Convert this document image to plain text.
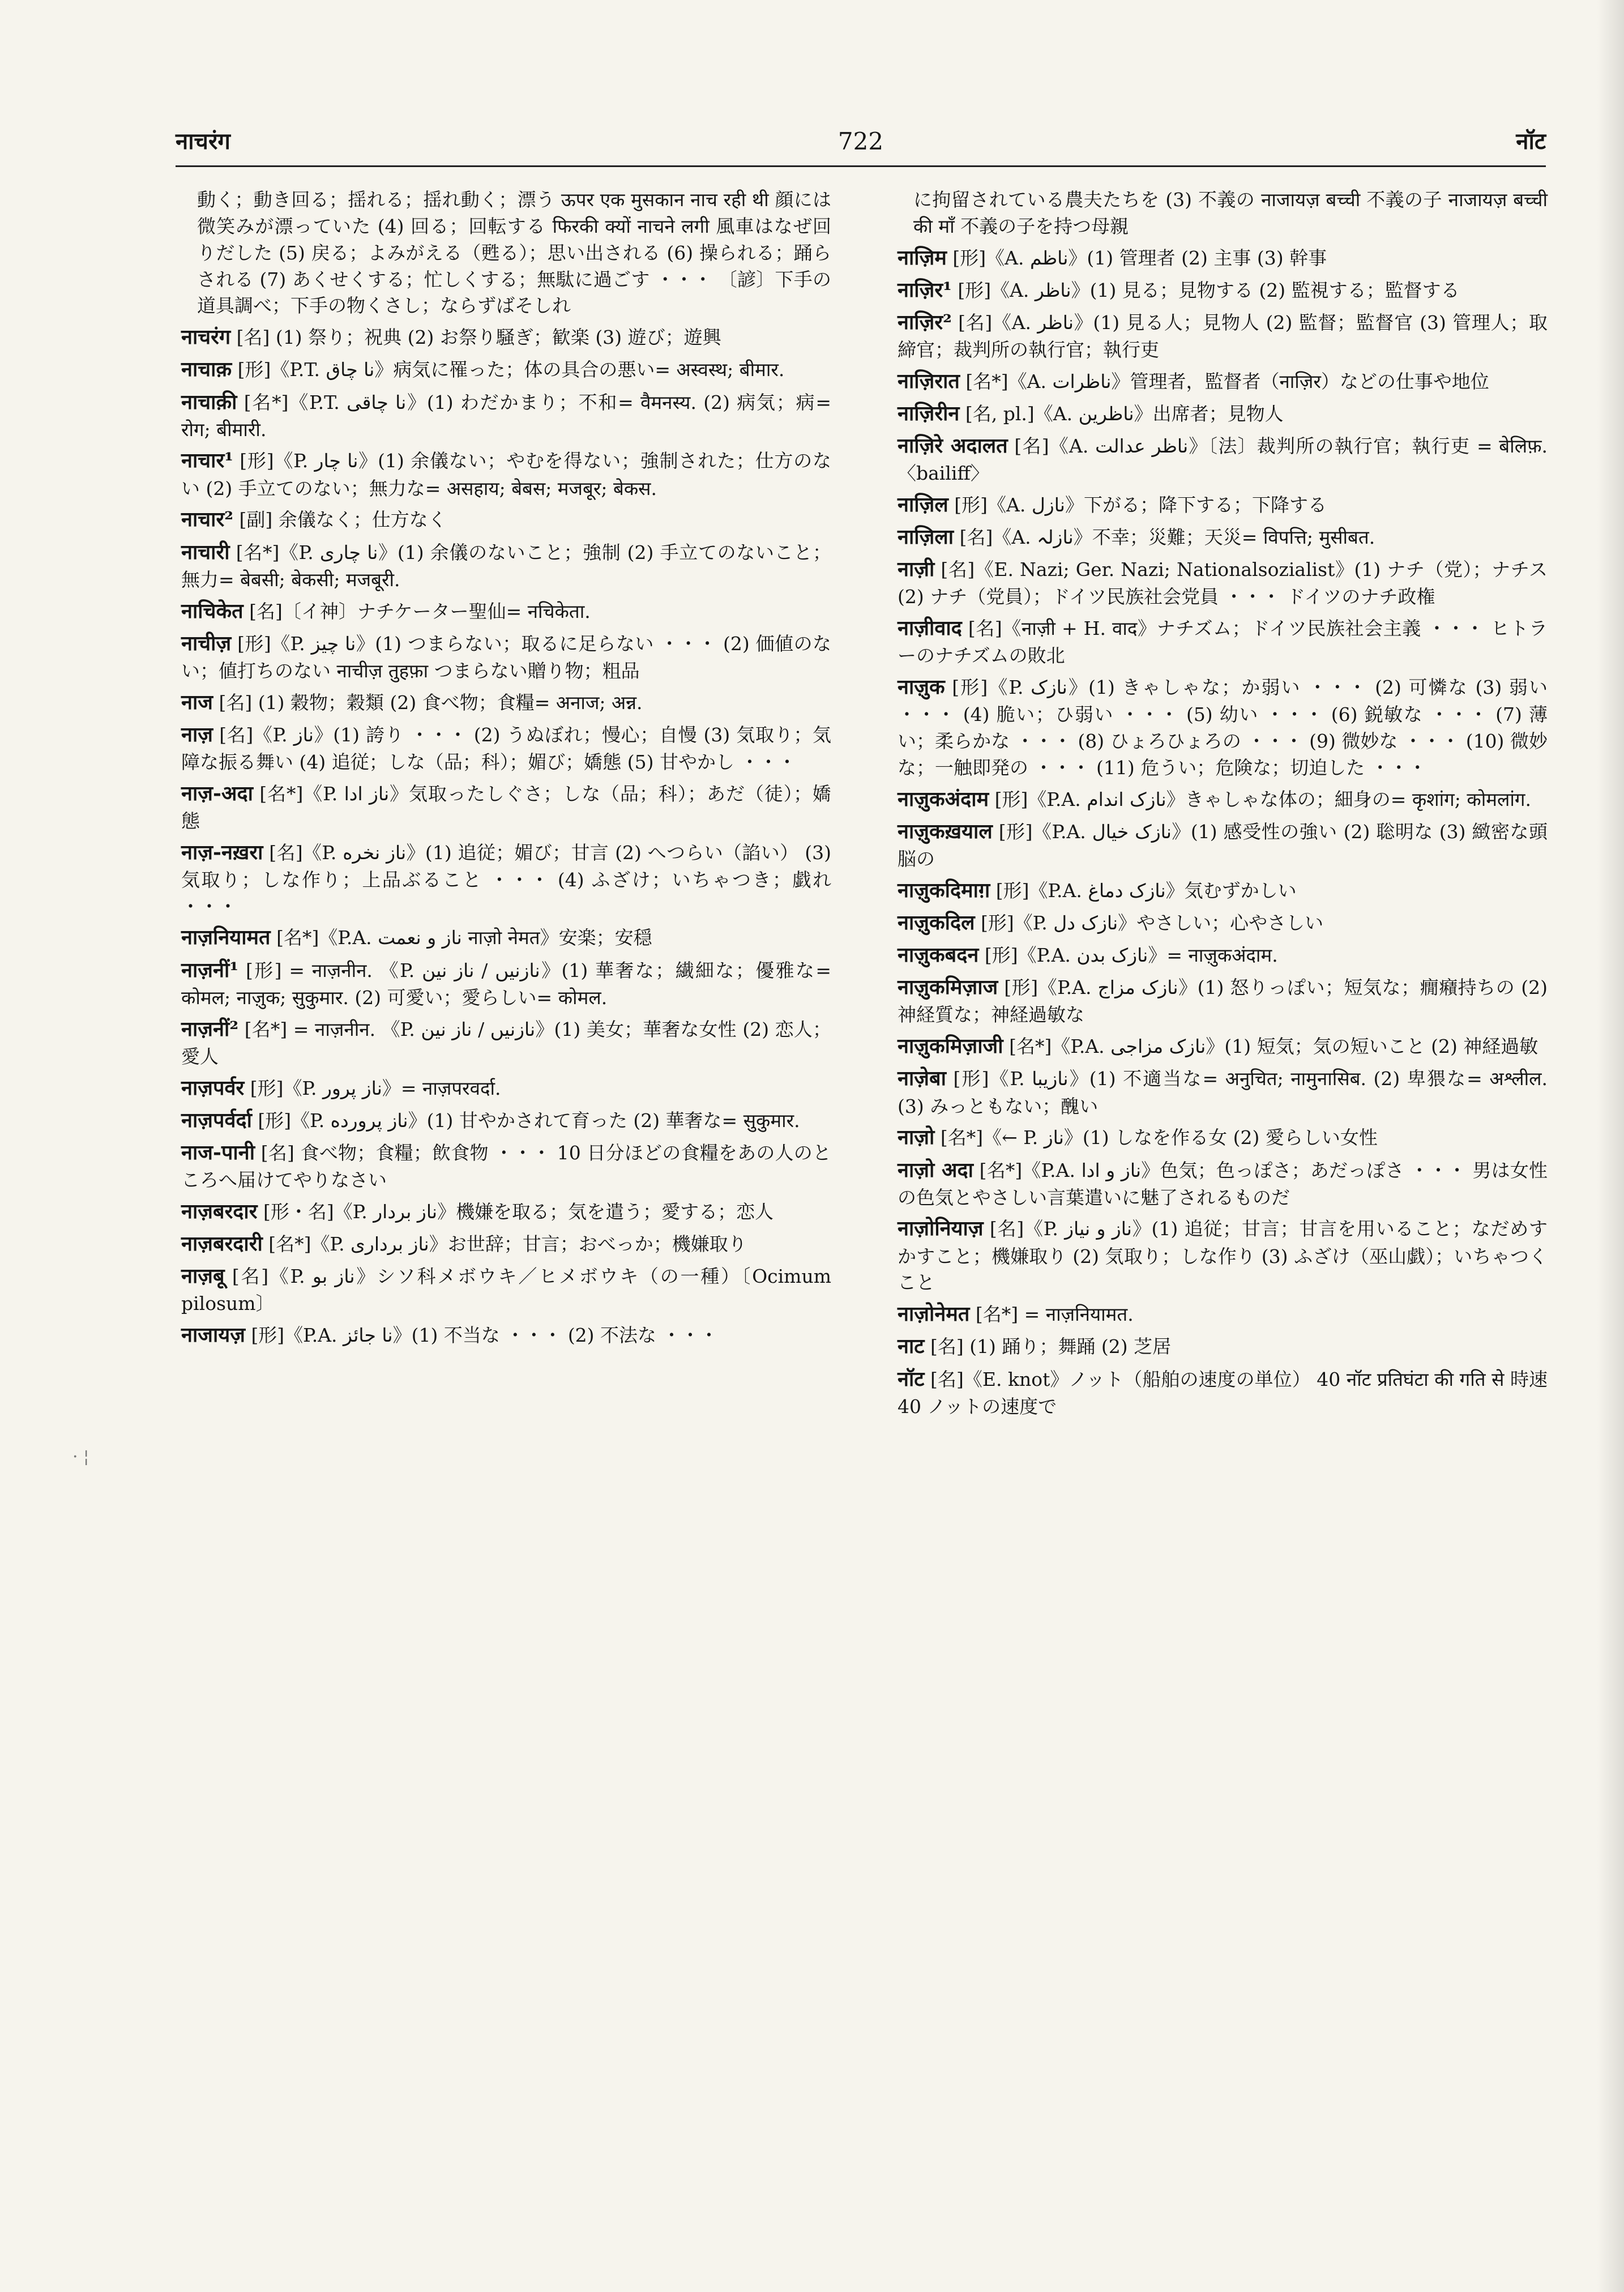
नाचरंग	722	नॉट
· ¦

動く；動き回る；揺れる；揺れ動く；漂う ऊपर एक मुसकान नाच रही थी 顔には微笑みが漂っていた (4) 回る；回転する फिरकी क्यों नाचने लगी 風車はなぜ回りだした (5) 戻る；よみがえる（甦る）；思い出される (6) 操られる；踊らされる (7) あくせくする；忙しくする；無駄に過ごす ・・・ 〔諺〕下手の道具調べ；下手の物くさし；ならずばそしれ

नाचरंग [名] (1) 祭り；祝典 (2) お祭り騒ぎ；歓楽 (3) 遊び；遊興

नाचाक़ [形]《P.T. نا چاق》病気に罹った；体の具合の悪い= अस्वस्थ; बीमार.

नाचाक़ी [名*]《P.T. نا چاقی》(1) わだかまり；不和= वैमनस्य. (2) 病気；病= रोग; बीमारी.

नाचार¹ [形]《P. نا چار》(1) 余儀ない；やむを得ない；強制された；仕方のない (2) 手立てのない；無力な= असहाय; बेबस; मजबूर; बेकस.

नाचार² [副] 余儀なく；仕方なく

नाचारी [名*]《P. نا چاری》(1) 余儀のないこと；強制 (2) 手立てのないこと；無力= बेबसी; बेकसी; मजबूरी.

नाचिकेत [名]〔イ神〕ナチケーター聖仙= नचिकेता.

नाचीज़ [形]《P. نا چیز》(1) つまらない；取るに足らない ・・・ (2) 価値のない；値打ちのない नाचीज़ तुहफ़ा つまらない贈り物；粗品

नाज [名] (1) 穀物；穀類 (2) 食べ物；食糧= अनाज; अन्न.

नाज़ [名]《P. ناز》(1) 誇り ・・・ (2) うぬぼれ；慢心；自慢 (3) 気取り；気障な振る舞い (4) 追従；しな（品；科）；媚び；嬌態 (5) 甘やかし ・・・

नाज़-अदा [名*]《P. ناز ادا》気取ったしぐさ；しな（品；科）；あだ（徒）；嬌態

नाज़-नख़रा [名]《P. ناز نخره》(1) 追従；媚び；甘言 (2) へつらい（諂い） (3) 気取り；しな作り；上品ぶること ・・・ (4) ふざけ；いちゃつき；戯れ ・・・

नाज़नियामत [名*]《P.A. ناز و نعمت नाज़ो नेमत》安楽；安穏

नाज़नीं¹ [形] = नाज़नीन. 《P. نازنیں / ناز نین》(1) 華奢な；繊細な；優雅な= कोमल; नाज़ुक; सुकुमार. (2) 可愛い；愛らしい= कोमल.

नाज़नीं² [名*] = नाज़नीन. 《P. نازنیں / ناز نین》(1) 美女；華奢な女性 (2) 恋人；愛人

नाज़पर्वर [形]《P. ناز پرور》= नाज़परवर्दा.

नाज़पर्वर्दा [形]《P. ناز پرورده》(1) 甘やかされて育った (2) 華奢な= सुकुमार.

नाज-पानी [名] 食べ物；食糧；飲食物 ・・・ 10 日分ほどの食糧をあの人のところへ届けてやりなさい

नाज़बरदार [形・名]《P. ناز بردار》機嫌を取る；気を遣う；愛する；恋人

नाज़बरदारी [名*]《P. ناز برداری》お世辞；甘言；おべっか；機嫌取り

नाज़बू [名]《P. ناز بو》シソ科メボウキ／ヒメボウキ（の一種）〔Ocimum pilosum〕

नाजायज़ [形]《P.A. نا جائز》(1) 不当な ・・・ (2) 不法な ・・・

に拘留されている農夫たちを (3) 不義の नाजायज़ बच्ची 不義の子 नाजायज़ बच्ची की माँ 不義の子を持つ母親

नाज़िम [形]《A. ناظم》(1) 管理者 (2) 主事 (3) 幹事

नाज़िर¹ [形]《A. ناظر》(1) 見る；見物する (2) 監視する；監督する

नाज़िर² [名]《A. ناظر》(1) 見る人；見物人 (2) 監督；監督官 (3) 管理人；取締官；裁判所の執行官；執行吏

नाज़िरात [名*]《A. ناظرات》管理者，監督者（नाज़िर）などの仕事や地位

नाज़िरीन [名, pl.]《A. ناظرین》出席者；見物人

नाज़िरे अदालत [名]《A. ناظر عدالت》〔法〕裁判所の執行官；執行吏 = बेलिफ़. 〈bailiff〉

नाज़िल [形]《A. نازل》下がる；降下する；下降する

नाज़िला [名]《A. نازلہ》不幸；災難；天災= विपत्ति; मुसीबत.

नाज़ी [名]《E. Nazi; Ger. Nazi; Nationalsozialist》(1) ナチ（党）；ナチス (2) ナチ（党員）；ドイツ民族社会党員 ・・・ ドイツのナチ政権

नाज़ीवाद [名]《नाज़ी + H. वाद》ナチズム；ドイツ民族社会主義 ・・・ ヒトラーのナチズムの敗北

नाज़ुक [形]《P. نازک》(1) きゃしゃな；か弱い ・・・ (2) 可憐な (3) 弱い ・・・ (4) 脆い；ひ弱い ・・・ (5) 幼い ・・・ (6) 鋭敏な ・・・ (7) 薄い；柔らかな ・・・ (8) ひょろひょろの ・・・ (9) 微妙な ・・・ (10) 微妙な；一触即発の ・・・ (11) 危うい；危険な；切迫した ・・・

नाज़ुकअंदाम [形]《P.A. نازک اندام》きゃしゃな体の；細身の= कृशांग; कोमलांग.

नाज़ुकख़याल [形]《P.A. نازک خیال》(1) 感受性の強い (2) 聡明な (3) 緻密な頭脳の

नाज़ुकदिमाग़ [形]《P.A. نازک دماغ》気むずかしい

नाज़ुकदिल [形]《P. نازک دل》やさしい；心やさしい

नाज़ुकबदन [形]《P.A. نازک بدن》= नाज़ुकअंदाम.

नाज़ुकमिज़ाज [形]《P.A. نازک مزاج》(1) 怒りっぽい；短気な；癇癪持ちの (2) 神経質な；神経過敏な

नाज़ुकमिज़ाजी [名*]《P.A. نازک مزاجی》(1) 短気；気の短いこと (2) 神経過敏

नाज़ेबा [形]《P. نازیبا》(1) 不適当な= अनुचित; नामुनासिब. (2) 卑猥な= अश्लील. (3) みっともない；醜い

नाज़ो [名*]《← P. ناز》(1) しなを作る女 (2) 愛らしい女性

नाज़ो अदा [名*]《P.A. ناز و ادا》色気；色っぽさ；あだっぽさ ・・・ 男は女性の色気とやさしい言葉遣いに魅了されるものだ

नाज़ोनियाज़ [名]《P. ناز و نیاز》(1) 追従；甘言；甘言を用いること；なだめすかすこと；機嫌取り (2) 気取り；しな作り (3) ふざけ（巫山戯）；いちゃつくこと

नाज़ोनेमत [名*] = नाज़नियामत.

नाट [名] (1) 踊り；舞踊 (2) 芝居

नॉट [名]《E. knot》ノット（船舶の速度の単位） 40 नॉट प्रतिघंटा की गति से 時速 40 ノットの速度で
